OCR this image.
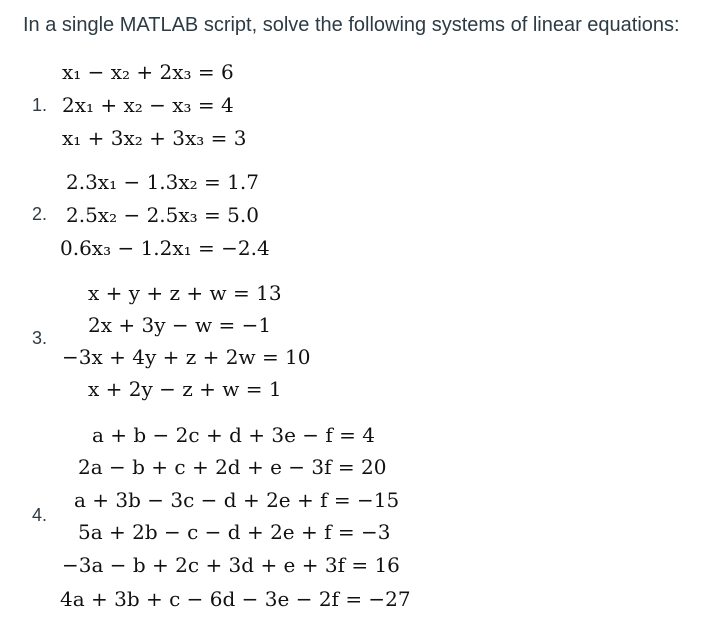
In a single MATLAB script, solve the following systems of linear equations:
1.
x₁ − x₂ + 2x₃ = 6
2x₁ + x₂ − x₃ = 4
x₁ + 3x₂ + 3x₃ = 3
2.
2.3x₁ − 1.3x₂ = 1.7
2.5x₂ − 2.5x₃ = 5.0
0.6x₃ − 1.2x₁ = −2.4
3.
x + y + z + w = 13
2x + 3y − w = −1
−3x + 4y + z + 2w = 10
x + 2y − z + w = 1
4.
a + b − 2c + d + 3e − f = 4
2a − b + c + 2d + e − 3f = 20
a + 3b − 3c − d + 2e + f = −15
5a + 2b − c − d + 2e + f = −3
−3a − b + 2c + 3d + e + 3f = 16
4a + 3b + c − 6d − 3e − 2f = −27
